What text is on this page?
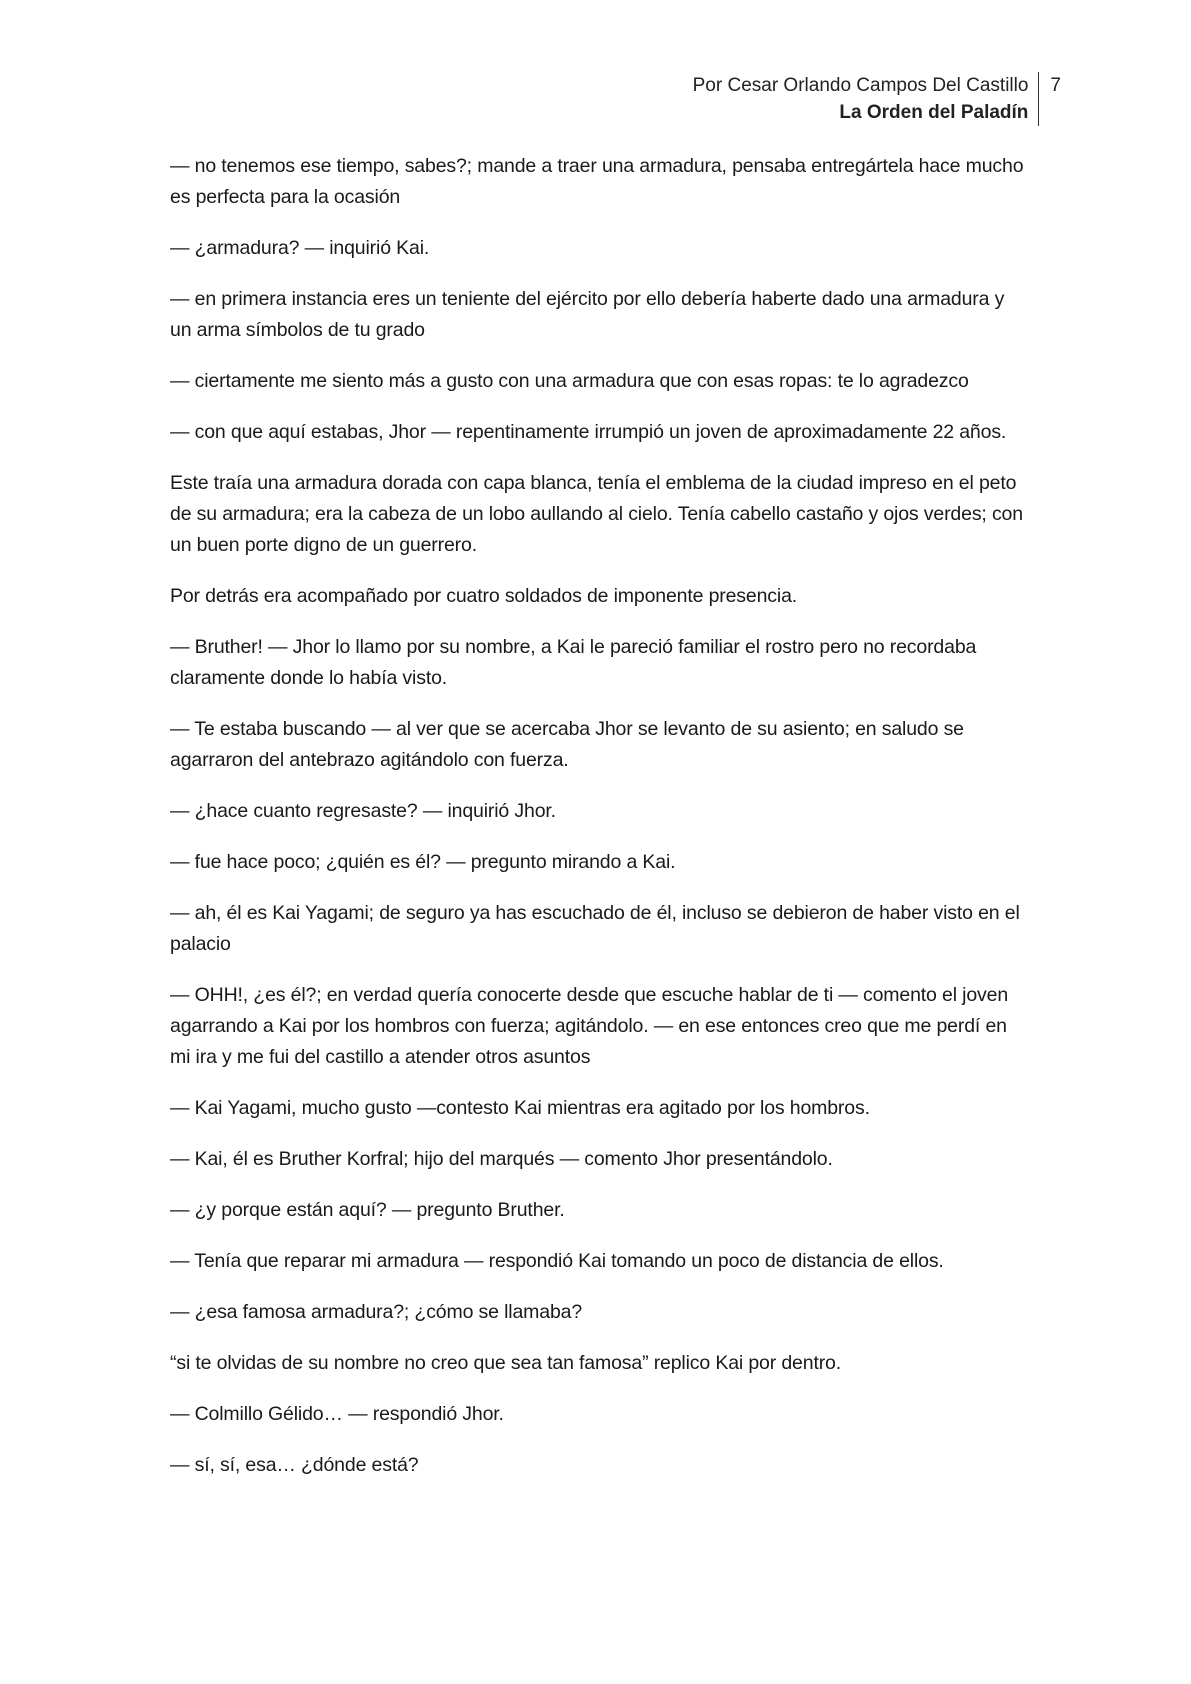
Por Cesar Orlando Campos Del Castillo
La Orden del Paladín
7

— no tenemos ese tiempo, sabes?; mande a traer una armadura, pensaba entregártela hace mucho es perfecta para la ocasión

— ¿armadura? — inquirió Kai.

— en primera instancia eres un teniente del ejército por ello debería haberte dado una armadura y un arma símbolos de tu grado

— ciertamente me siento más a gusto con una armadura que con esas ropas: te lo agradezco

— con que aquí estabas, Jhor — repentinamente irrumpió un joven de aproximadamente 22 años.

Este traía una armadura dorada con capa blanca, tenía el emblema de la ciudad impreso en el peto de su armadura; era la cabeza de un lobo aullando al cielo. Tenía cabello castaño y ojos verdes; con un buen porte digno de un guerrero.

Por detrás era acompañado por cuatro soldados de imponente presencia.

— Bruther! — Jhor lo llamo por su nombre, a Kai le pareció familiar el rostro pero no recordaba claramente donde lo había visto.

— Te estaba buscando — al ver que se acercaba Jhor se levanto de su asiento; en saludo se agarraron del antebrazo agitándolo con fuerza.

— ¿hace cuanto regresaste? — inquirió Jhor.

— fue hace poco; ¿quién es él? — pregunto mirando a Kai.

— ah, él es Kai Yagami; de seguro ya has escuchado de él, incluso se debieron de haber visto en el palacio

— OHH!, ¿es él?; en verdad quería conocerte desde que escuche hablar de ti — comento el joven agarrando a Kai por los hombros con fuerza; agitándolo. — en ese entonces creo que me perdí en mi ira y me fui del castillo a atender otros asuntos

— Kai Yagami, mucho gusto —contesto Kai mientras era agitado por los hombros.

— Kai, él es Bruther Korfral; hijo del marqués — comento Jhor presentándolo.

— ¿y porque están aquí? — pregunto Bruther.

— Tenía que reparar mi armadura — respondió Kai tomando un poco de distancia de ellos.

— ¿esa famosa armadura?; ¿cómo se llamaba?

“si te olvidas de su nombre no creo que sea tan famosa” replico Kai por dentro.

— Colmillo Gélido… — respondió Jhor.

— sí, sí, esa… ¿dónde está?
